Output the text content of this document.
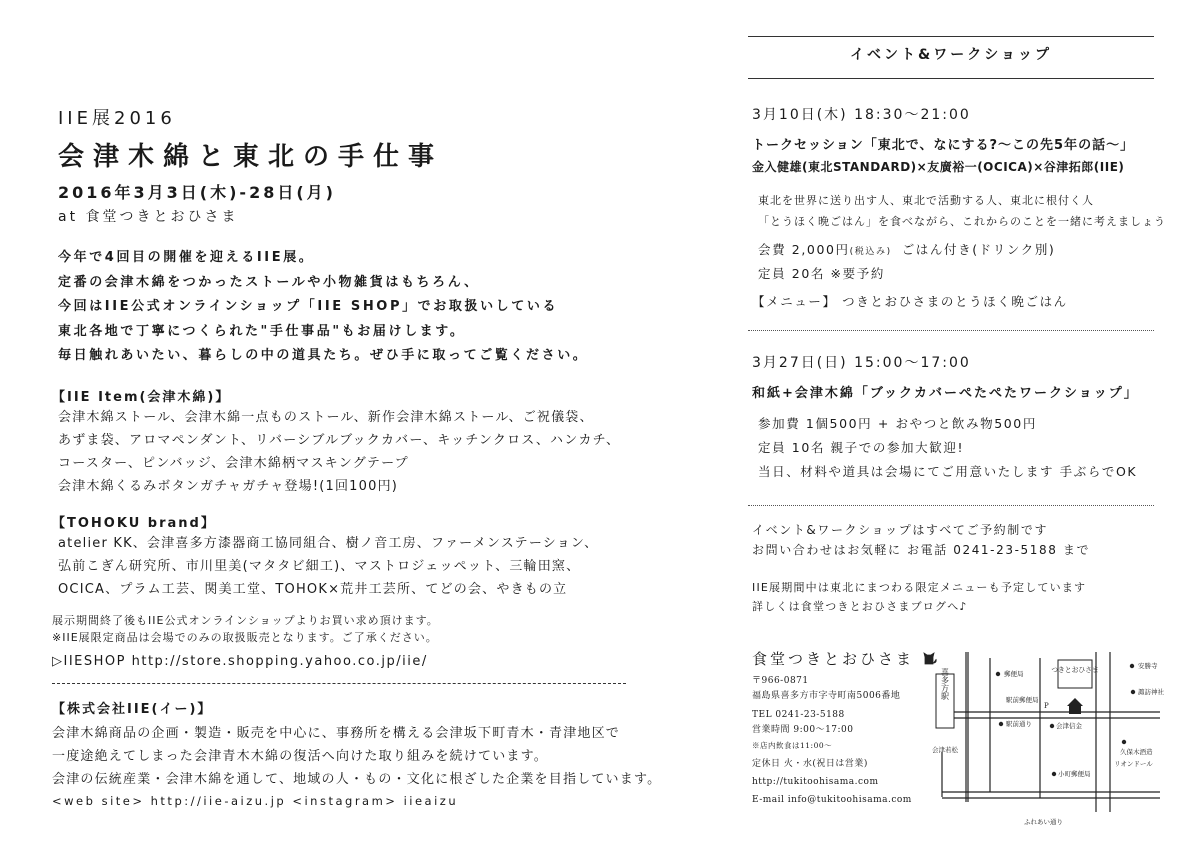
IIE展2016
会津木綿と東北の手仕事
2016年3月3日(木)-28日(月)
at 食堂つきとおひさま
今年で4回目の開催を迎えるIIE展。
定番の会津木綿をつかったストールや小物雑貨はもちろん、
今回はIIE公式オンラインショップ「IIE SHOP」でお取扱いしている
東北各地で丁寧につくられた"手仕事品"もお届けします。
毎日触れあいたい、暮らしの中の道具たち。ぜひ手に取ってご覧ください。
【IIE Item(会津木綿)】
会津木綿ストール、会津木綿一点ものストール、新作会津木綿ストール、ご祝儀袋、
あずま袋、アロマペンダント、リバーシブルブックカバー、キッチンクロス、ハンカチ、
コースター、ピンバッジ、会津木綿柄マスキングテープ
会津木綿くるみボタンガチャガチャ登場!(1回100円)
【TOHOKU brand】
atelier KK、会津喜多方漆器商工協同組合、樹ノ音工房、ファーメンステーション、
弘前こぎん研究所、市川里美(マタタビ細工)、マストロジェッペット、三輪田窯、
OCICA、プラム工芸、関美工堂、TOHOK×荒井工芸所、てどの会、やきもの立
展示期間終了後もIIE公式オンラインショップよりお買い求め頂けます。
※IIE展限定商品は会場でのみの取扱販売となります。ご了承ください。
▷IIESHOP http://store.shopping.yahoo.co.jp/iie/
【株式会社IIE(イー)】
会津木綿商品の企画・製造・販売を中心に、事務所を構える会津坂下町青木・青津地区で
一度途絶えてしまった会津青木木綿の復活へ向けた取り組みを続けています。
会津の伝統産業・会津木綿を通して、地域の人・もの・文化に根ざした企業を目指しています。
<web site> http://iie-aizu.jp <instagram> iieaizu
イベント&ワークショップ
3月10日(木) 18:30〜21:00
トークセッション「東北で、なにする?〜この先5年の話〜」
金入健雄(東北STANDARD)×友廣裕一(OCICA)×谷津拓郎(IIE)
東北を世界に送り出す人、東北で活動する人、東北に根付く人
「とうほく晩ごはん」を食べながら、これからのことを一緒に考えましょう
会費 2,000円(税込み) ごはん付き(ドリンク別)
定員 20名 ※要予約
【メニュー】 つきとおひさまのとうほく晩ごはん
3月27日(日) 15:00〜17:00
和紙+会津木綿「ブックカバーぺたぺたワークショップ」
参加費 1個500円 + おやつと飲み物500円
定員 10名 親子での参加大歓迎!
当日、材料や道具は会場にてご用意いたします 手ぶらでOK
イベント&ワークショップはすべてご予約制です
お問い合わせはお気軽に お電話 0241-23-5188 まで
IIE展期間中は東北にまつわる限定メニューも予定しています
詳しくは食堂つきとおひさまブログへ♪
食堂つきとおひさま
〒966-0871
福島県喜多方市字寺町南5006番地
TEL 0241-23-5188
営業時間 9:00〜17:00
※店内飲食は11:00〜
定休日 火・水(祝日は営業)
http://tukitoohisama.com
E-mail info@tukitoohisama.com
喜多方駅	つきとおひさま
郵便局
安勝寺
駅前郵便局
駅前通り
諏訪神社
会津信金
久保木酒造
リオンドール
小町郵便局
会津若松
ふれあい通り
P
